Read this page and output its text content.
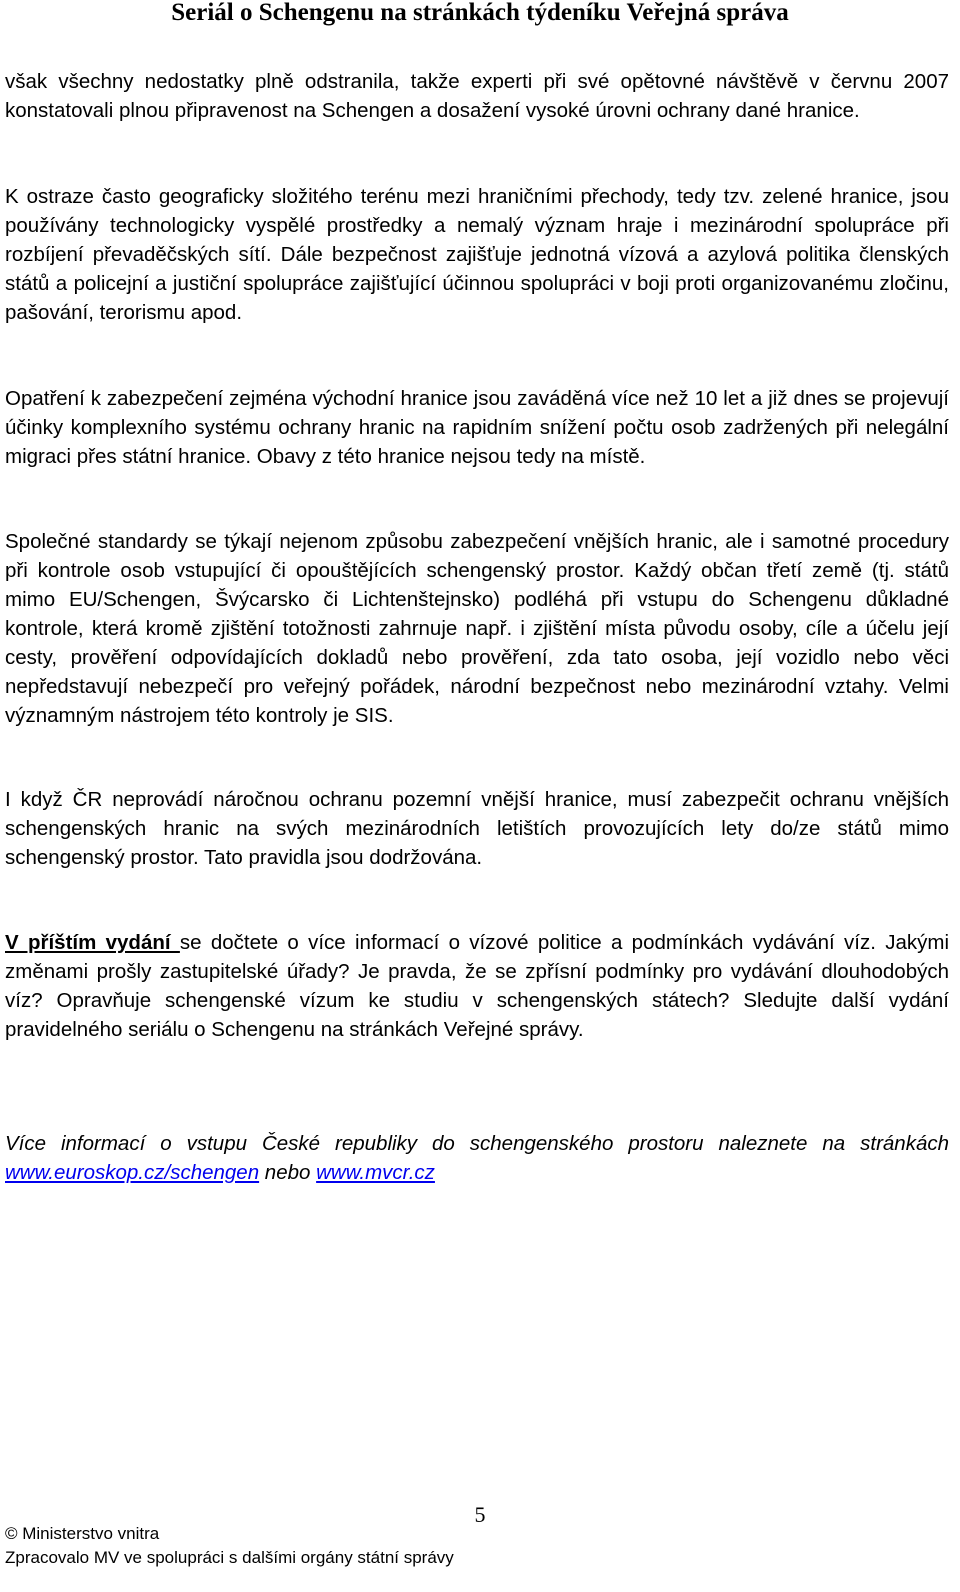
Seriál o Schengenu na stránkách týdeníku Veřejná správa

však všechny nedostatky plně odstranila, takže experti při své opětovné návštěvě v červnu 2007 konstatovali plnou připravenost na Schengen a dosažení vysoké úrovni ochrany dané hranice.

K ostraze často geograficky složitého terénu mezi hraničními přechody, tedy tzv. zelené hranice, jsou používány technologicky vyspělé prostředky a nemalý význam hraje i mezinárodní spolupráce při rozbíjení převaděčských sítí. Dále bezpečnost zajišťuje jednotná vízová a azylová politika členských států a policejní a justiční spolupráce zajišťující účinnou spolupráci v boji proti organizovanému zločinu, pašování, terorismu apod.

Opatření k zabezpečení zejména východní hranice jsou zaváděná více než 10 let a již dnes se projevují účinky komplexního systému ochrany hranic na rapidním snížení počtu osob zadržených při nelegální migraci přes státní hranice. Obavy z této hranice nejsou tedy na místě.

Společné standardy se týkají nejenom způsobu zabezpečení vnějších hranic, ale i samotné procedury při kontrole osob vstupující či opouštějících schengenský prostor. Každý občan třetí země (tj. států mimo EU/Schengen, Švýcarsko či Lichtenštejnsko) podléhá při vstupu do Schengenu důkladné kontrole, která kromě zjištění totožnosti zahrnuje např. i zjištění místa původu osoby, cíle a účelu její cesty, prověření odpovídajících dokladů nebo prověření, zda tato osoba, její vozidlo nebo věci nepředstavují nebezpečí pro veřejný pořádek, národní bezpečnost nebo mezinárodní vztahy. Velmi významným nástrojem této kontroly je SIS.

I když ČR neprovádí náročnou ochranu pozemní vnější hranice, musí zabezpečit ochranu vnějších schengenských hranic na svých mezinárodních letištích provozujících lety do/ze států mimo schengenský prostor. Tato pravidla jsou dodržována.

V příštím vydání se dočtete o více informací o vízové politice a podmínkách vydávání víz. Jakými změnami prošly zastupitelské úřady? Je pravda, že se zpřísní podmínky pro vydávání dlouhodobých víz? Opravňuje schengenské vízum ke studiu v schengenských státech? Sledujte další vydání pravidelného seriálu o Schengenu na stránkách Veřejné správy.

Více informací o vstupu České republiky do schengenského prostoru naleznete na stránkách www.euroskop.cz/schengen nebo www.mvcr.cz

5
© Ministerstvo vnitra
Zpracovalo MV ve spolupráci s dalšími orgány státní správy
